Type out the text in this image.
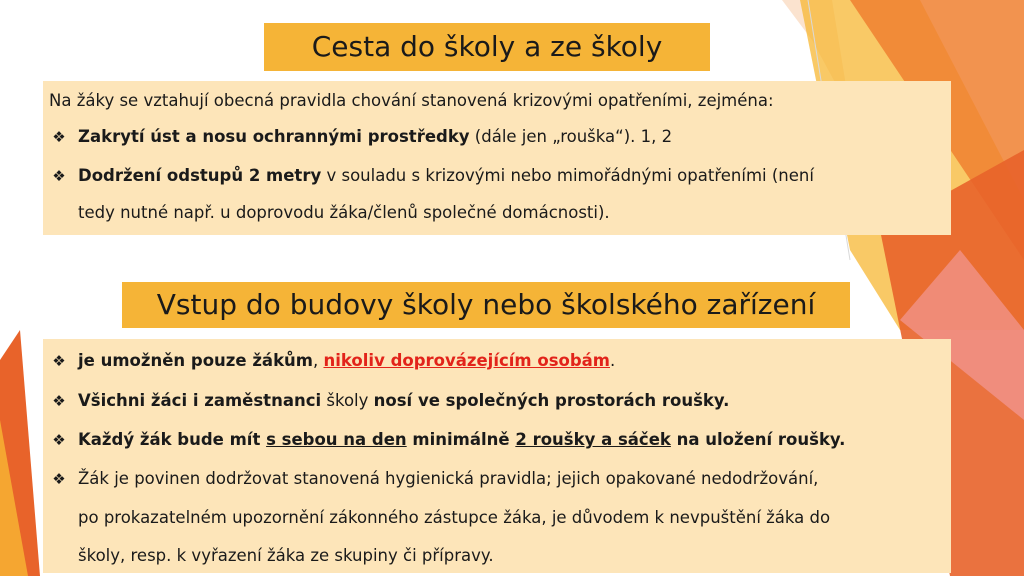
Cesta do školy a ze školy
Na žáky se vztahují obecná pravidla chování stanovená krizovými opatřeními, zejména:
❖ Zakrytí úst a nosu ochrannými prostředky (dále jen „rouška“). 1, 2
❖ Dodržení odstupů 2 metry v souladu s krizovými nebo mimořádnými opatřeními (není
tedy nutné např. u doprovodu žáka/členů společné domácnosti).
Vstup do budovy školy nebo školského zařízení
❖ je umožněn pouze žákům, nikoliv doprovázejícím osobám.
❖ Všichni žáci i zaměstnanci školy nosí ve společných prostorách roušky.
❖ Každý žák bude mít s sebou na den minimálně 2 roušky a sáček na uložení roušky.
❖ Žák je povinen dodržovat stanovená hygienická pravidla; jejich opakované nedodržování,
po prokazatelném upozornění zákonného zástupce žáka, je důvodem k nevpuštění žáka do
školy, resp. k vyřazení žáka ze skupiny či přípravy.
